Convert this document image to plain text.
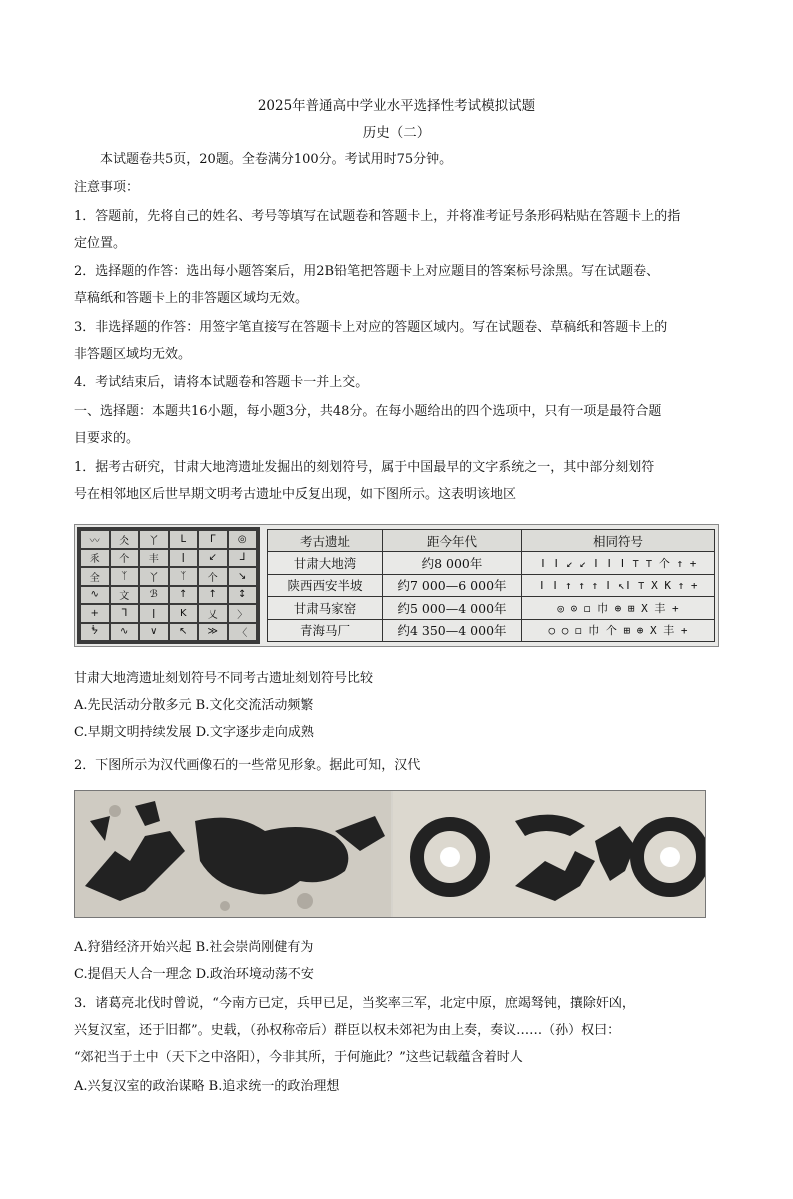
2025年普通高中学业水平选择性考试模拟试题
历史（二）
本试题卷共5页，20题。全卷满分100分。考试用时75分钟。
注意事项：
1．答题前，先将自己的姓名、考号等填写在试题卷和答题卡上，并将准考证号条形码粘贴在答题卡上的指
定位置。
2．选择题的作答：选出每小题答案后，用2B铅笔把答题卡上对应题目的答案标号涂黑。写在试题卷、
草稿纸和答题卡上的非答题区域均无效。
3．非选择题的作答：用签字笔直接写在答题卡上对应的答题区域内。写在试题卷、草稿纸和答题卡上的
非答题区域均无效。
4．考试结束后，请将本试题卷和答题卡一并上交。
一、选择题：本题共16小题，每小题3分，共48分。在每小题给出的四个选项中，只有一项是最符合题
目要求的。
1．据考古研究，甘肃大地湾遗址发掘出的刻划符号，属于中国最早的文字系统之一，其中部分刻划符
号在相邻地区后世早期文明考古遗址中反复出现，如下图所示。这表明该地区
〰	仌	丫	ᒪ	ᒥ	◎
乑	个	丰	ǀ	↙	ᒧ
全	ᛉ	丫	ᛉ	个	↘
∿	文	ℬ	↑	↑	↕
+	ᒣ	ǀ	K	乂	〉
ᖭ	∿	∨	↖	≫	〈
考古遗址	距今年代	相同符号
甘肃大地湾	约8 000年	ǀ ǀ ↙ ↙ ǀ ǀ ǀ ⊤ ⊤ 个 ↑ +
陕西西安半坡	约7 000—6 000年	ǀ ǀ ↑ ↑ ↑ ǀ ↖ǀ ⊤ X K ↑ +
甘肃马家窑	约5 000—4 000年	◎ ⊙ ◻ 巾 ⊕ ⊞ X 丰 +
青海马厂	约4 350—4 000年	○ ○ ◻ 巾 个 ⊞ ⊕ X 丰 +
甘肃大地湾遗址刻划符号不同考古遗址刻划符号比较
A.先民活动分散多元 B.文化交流活动频繁
C.早期文明持续发展 D.文字逐步走向成熟
2．下图所示为汉代画像石的一些常见形象。据此可知，汉代
A.狩猎经济开始兴起 B.社会崇尚刚健有为
C.提倡天人合一理念 D.政治环境动荡不安
3．诸葛亮北伐时曾说，“今南方已定，兵甲已足，当奖率三军，北定中原，庶竭驽钝，攘除奸凶，
兴复汉室，还于旧都”。史载，（孙权称帝后）群臣以权未郊祀为由上奏，奏议……（孙）权曰：
“郊祀当于土中（天下之中洛阳），今非其所，于何施此？”这些记载蕴含着时人
A.兴复汉室的政治谋略 B.追求统一的政治理想
